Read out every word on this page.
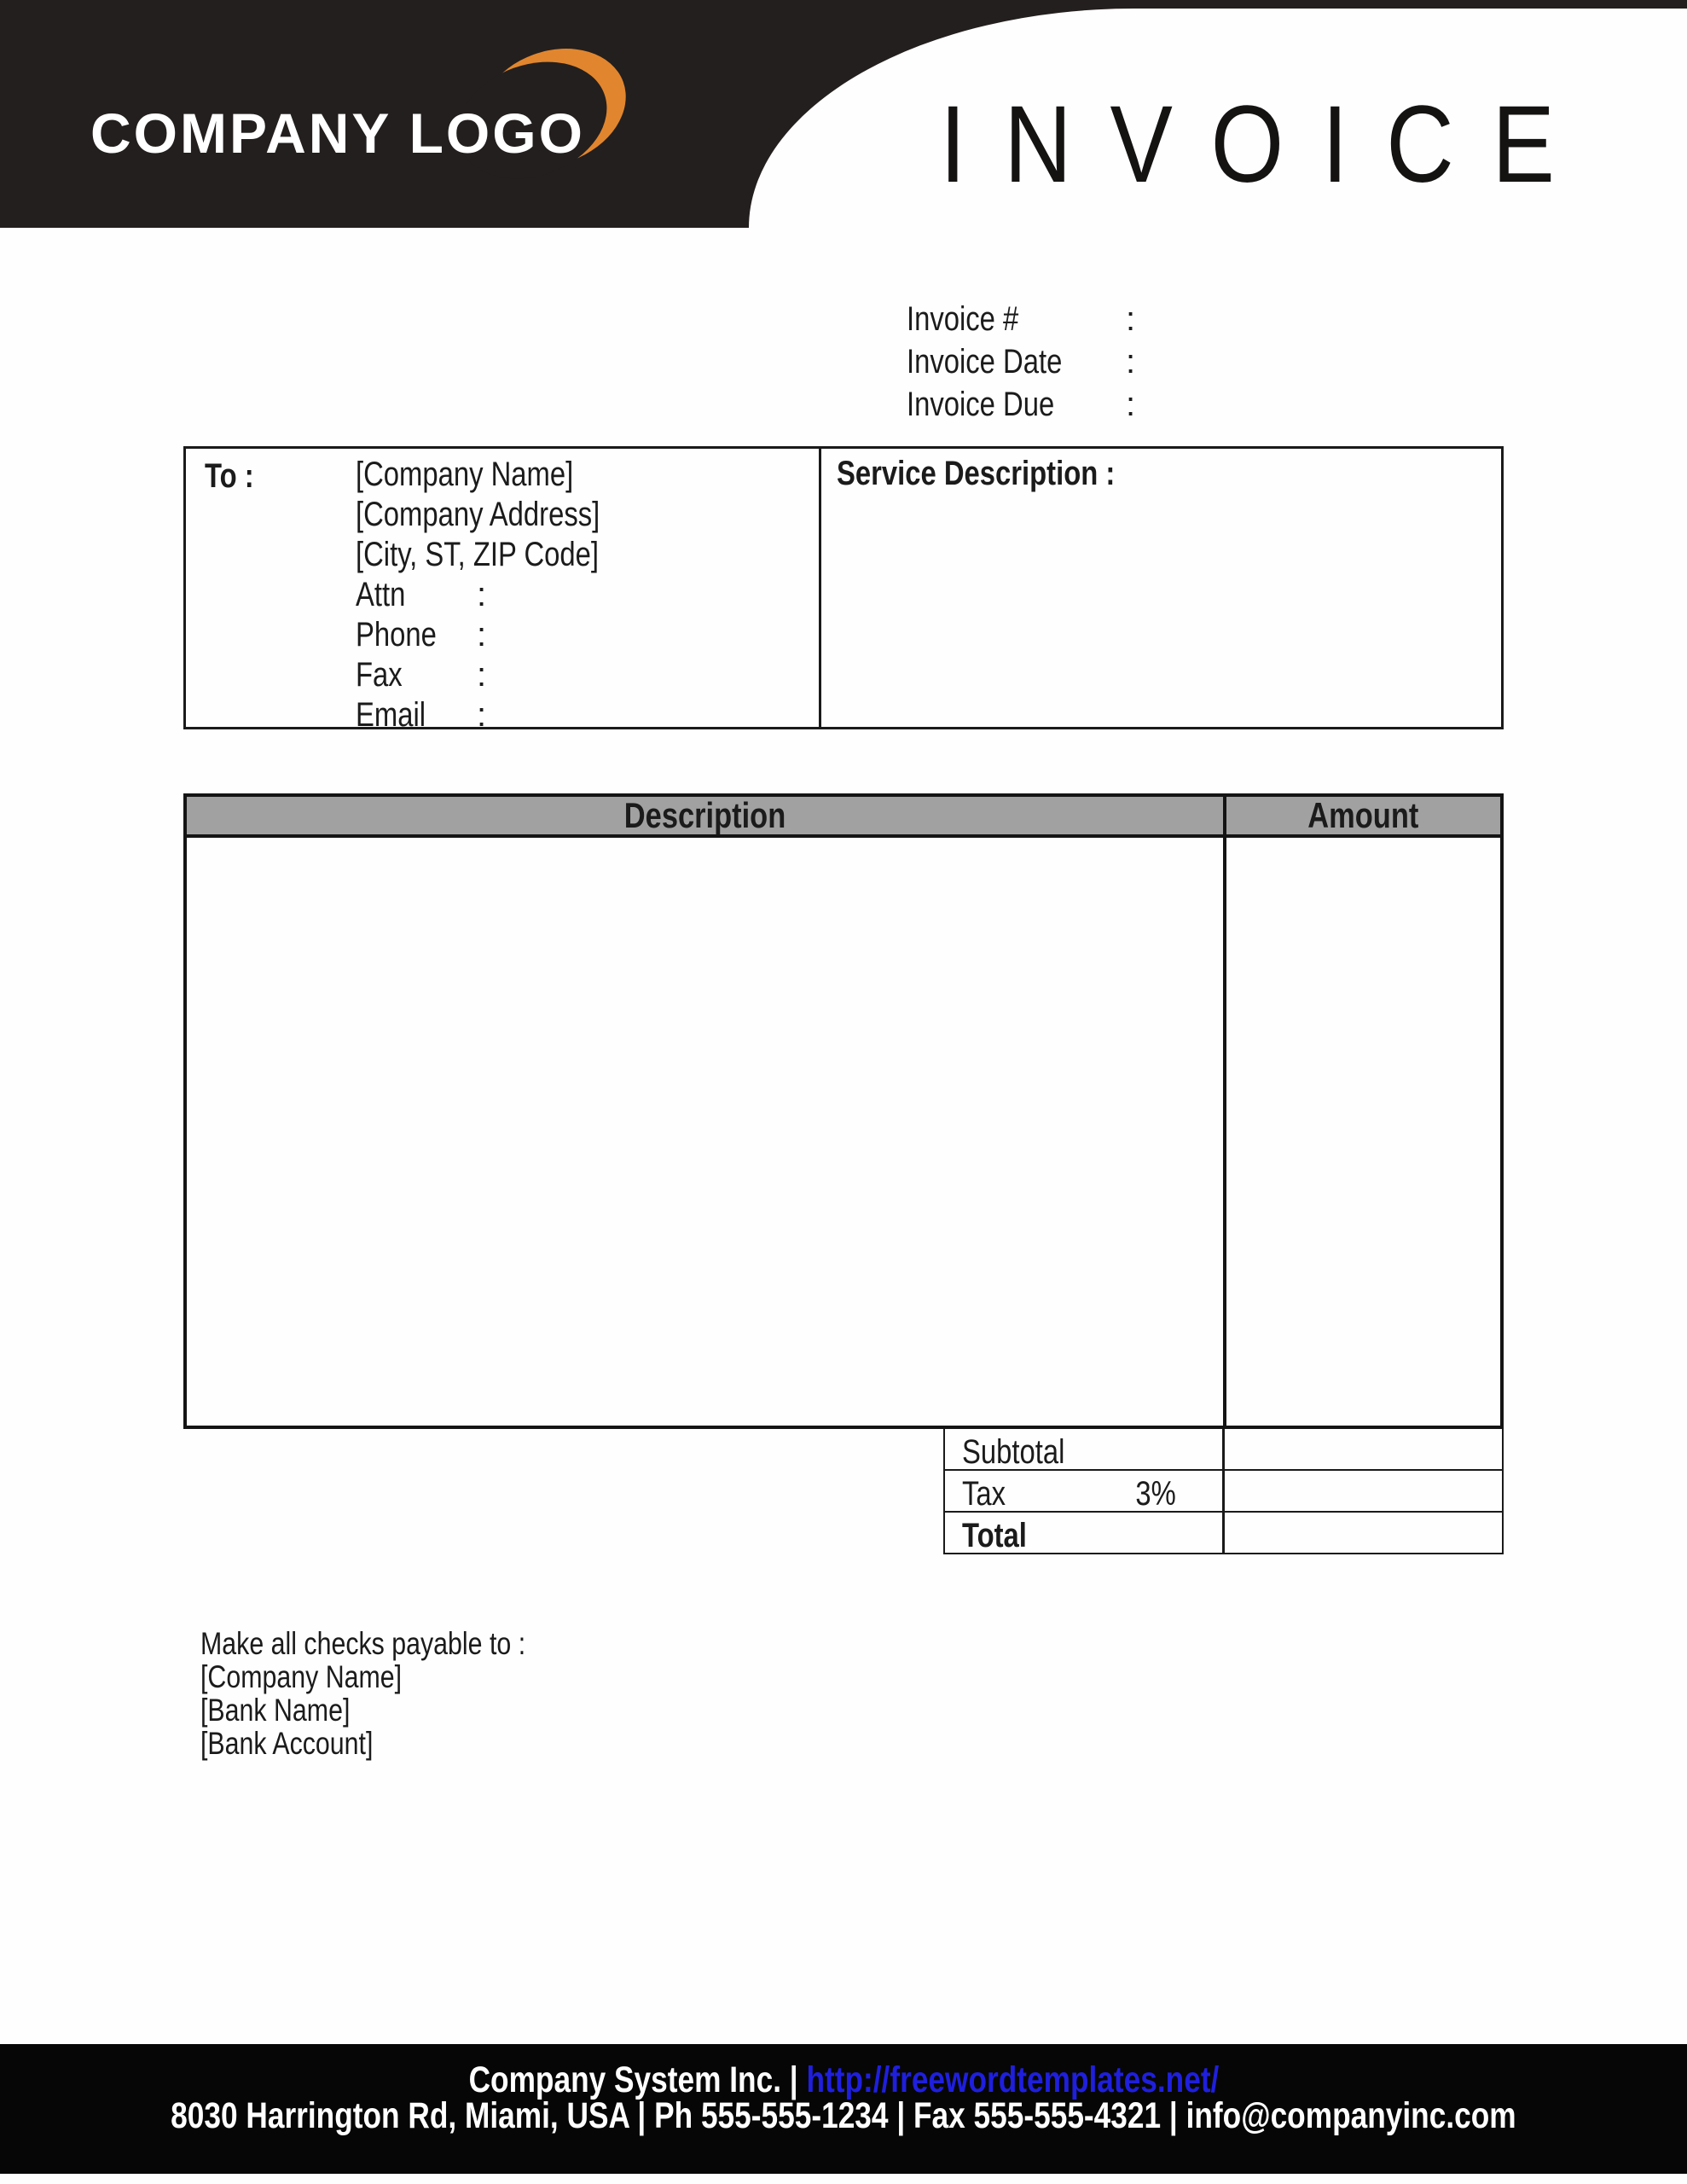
COMPANY LOGO	INVOICE
Invoice #	:
Invoice Date :
Invoice Due :
To :	[Company Name]
[Company Address]
[City, ST, ZIP Code]
Attn :
Phone :
Fax :
Email :
Service Description :
Description	Amount
Subtotal
Tax	3%
Total
Make all checks payable to :
[Company Name]
[Bank Name]
[Bank Account]
Company System Inc. | http://freewordtemplates.net/
8030 Harrington Rd, Miami, USA | Ph 555-555-1234 | Fax 555-555-4321 | info@companyinc.com
